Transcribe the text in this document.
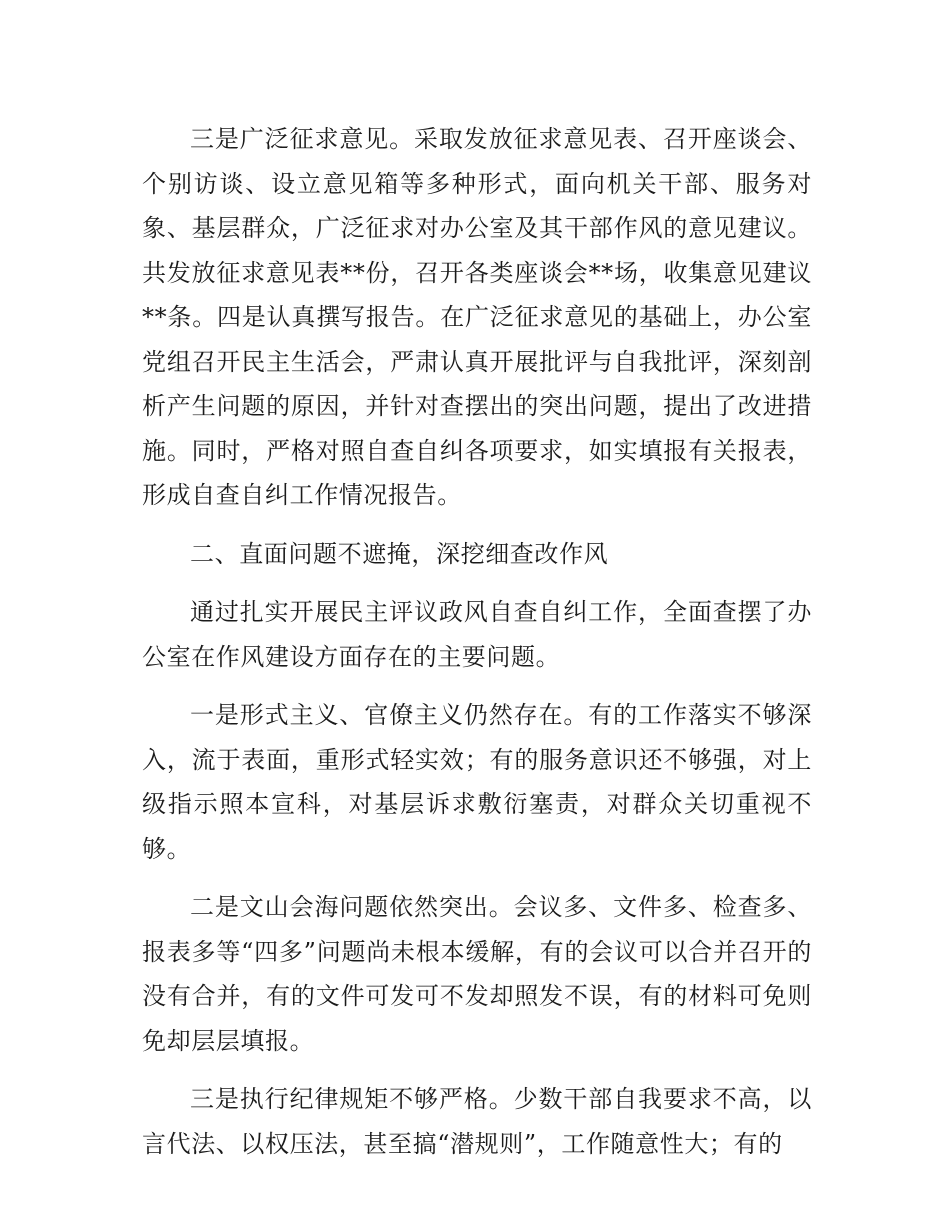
三是广泛征求意见。采取发放征求意见表、召开座谈会、个别访谈、设立意见箱等多种形式，面向机关干部、服务对象、基层群众，广泛征求对办公室及其干部作风的意见建议。共发放征求意见表**份，召开各类座谈会**场，收集意见建议**条。四是认真撰写报告。在广泛征求意见的基础上，办公室党组召开民主生活会，严肃认真开展批评与自我批评，深刻剖析产生问题的原因，并针对查摆出的突出问题，提出了改进措施。同时，严格对照自查自纠各项要求，如实填报有关报表，形成自查自纠工作情况报告。

二、直面问题不遮掩，深挖细查改作风

通过扎实开展民主评议政风自查自纠工作，全面查摆了办公室在作风建设方面存在的主要问题。

一是形式主义、官僚主义仍然存在。有的工作落实不够深入，流于表面，重形式轻实效；有的服务意识还不够强，对上级指示照本宣科，对基层诉求敷衍塞责，对群众关切重视不够。

二是文山会海问题依然突出。会议多、文件多、检查多、报表多等“四多”问题尚未根本缓解，有的会议可以合并召开的没有合并，有的文件可发可不发却照发不误，有的材料可免则免却层层填报。

三是执行纪律规矩不够严格。少数干部自我要求不高，以言代法、以权压法，甚至搞“潜规则”，工作随意性大；有的
